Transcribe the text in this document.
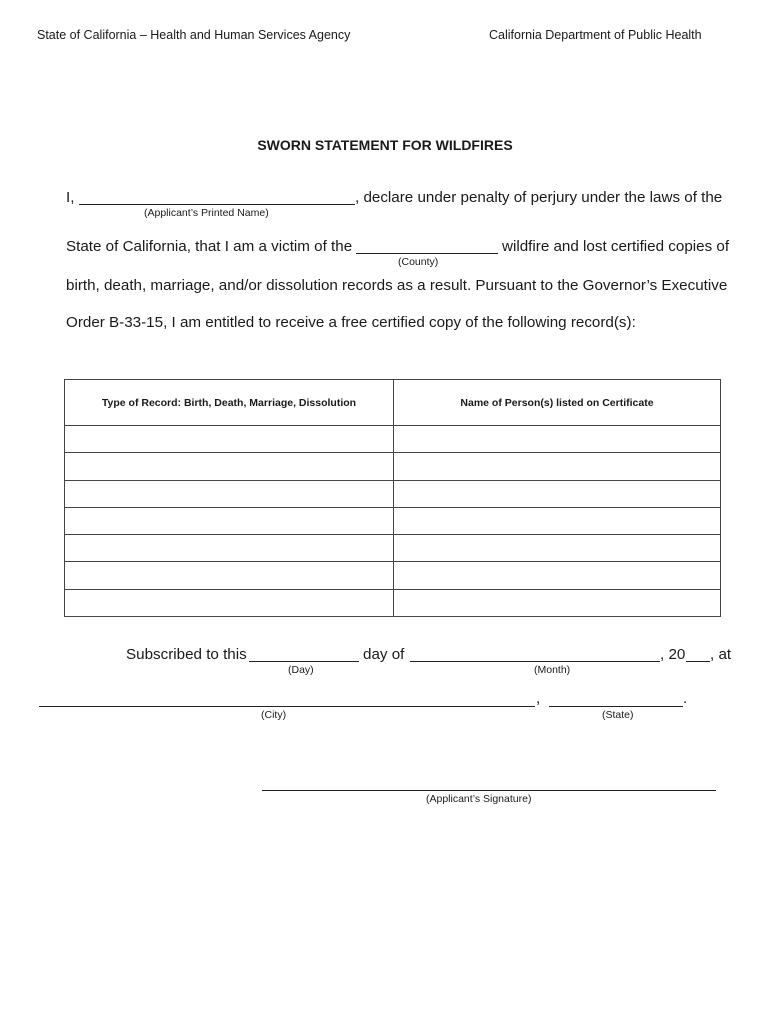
State of California – Health and Human Services Agency	California Department of Public Health
SWORN STATEMENT FOR WILDFIRES
I,	, declare under penalty of perjury under the laws of the
(Applicant’s Printed Name)
State of California, that I am a victim of the	wildfire and lost certified copies of
(County)
birth, death, marriage, and/or dissolution records as a result. Pursuant to the Governor’s Executive
Order B-33-15, I am entitled to receive a free certified copy of the following record(s):
Type of Record: Birth, Death, Marriage, Dissolution	Name of Person(s) listed on Certificate

Subscribed to this	day of	, 20 , at
(Day)	(Month)
,	.
(City)	(State)
(Applicant’s Signature)
